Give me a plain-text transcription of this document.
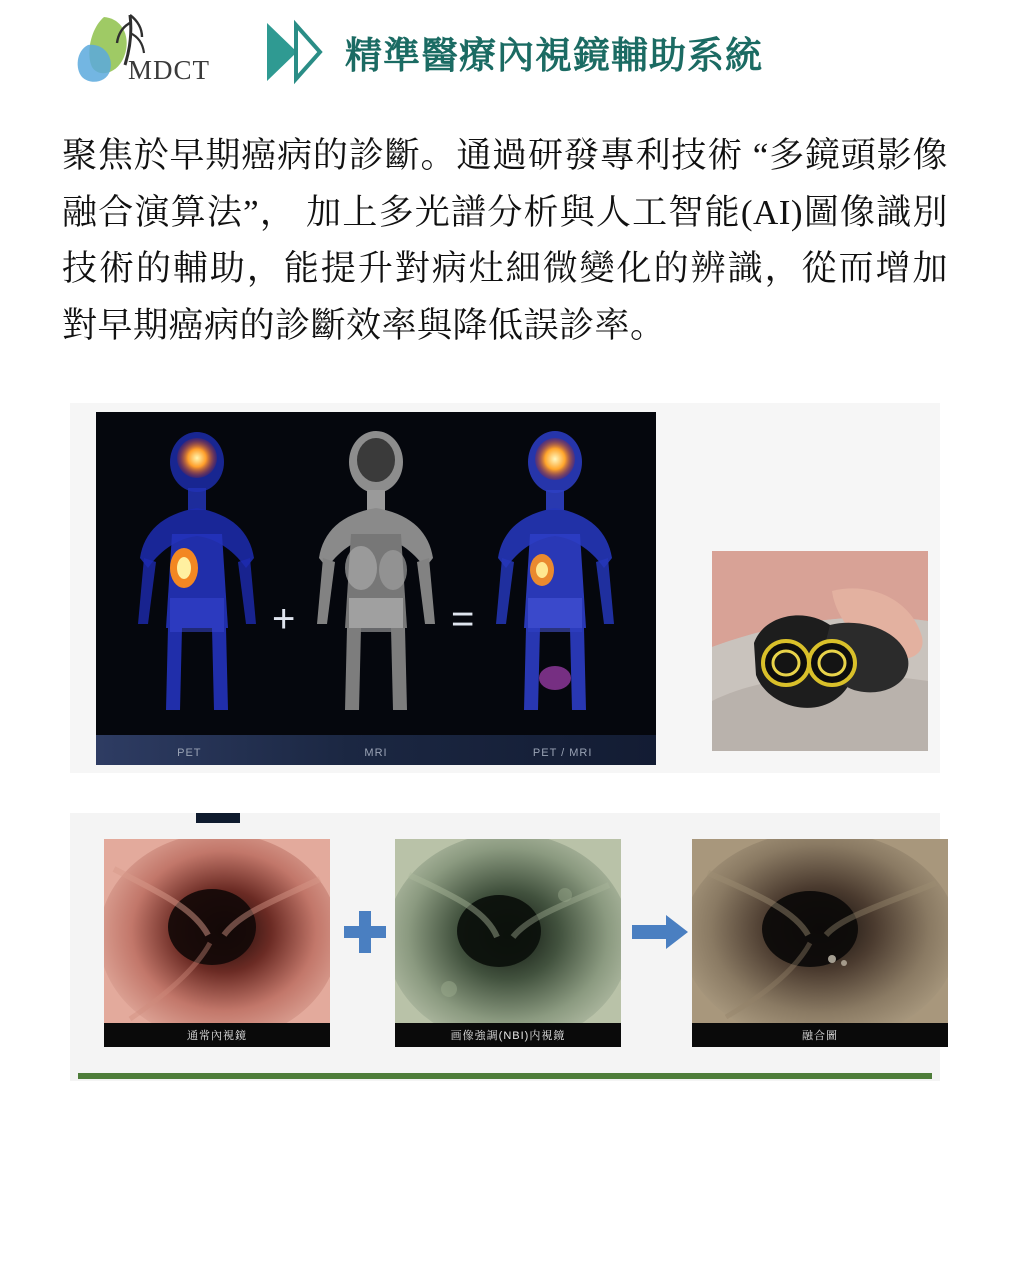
MDCT	精準醫療內視鏡輔助系統
聚焦於早期癌病的診斷。通過研發專利技術 “多鏡頭影像融合演算法”， 加上多光譜分析與人工智能(AI)圖像識別技術的輔助，能提升對病灶細微變化的辨識，從而增加對早期癌病的診斷效率與降低誤診率。
+	=
PET	MRI	PET / MRI
通常內視鏡	画像強調(NBI)内視鏡	融合圖
